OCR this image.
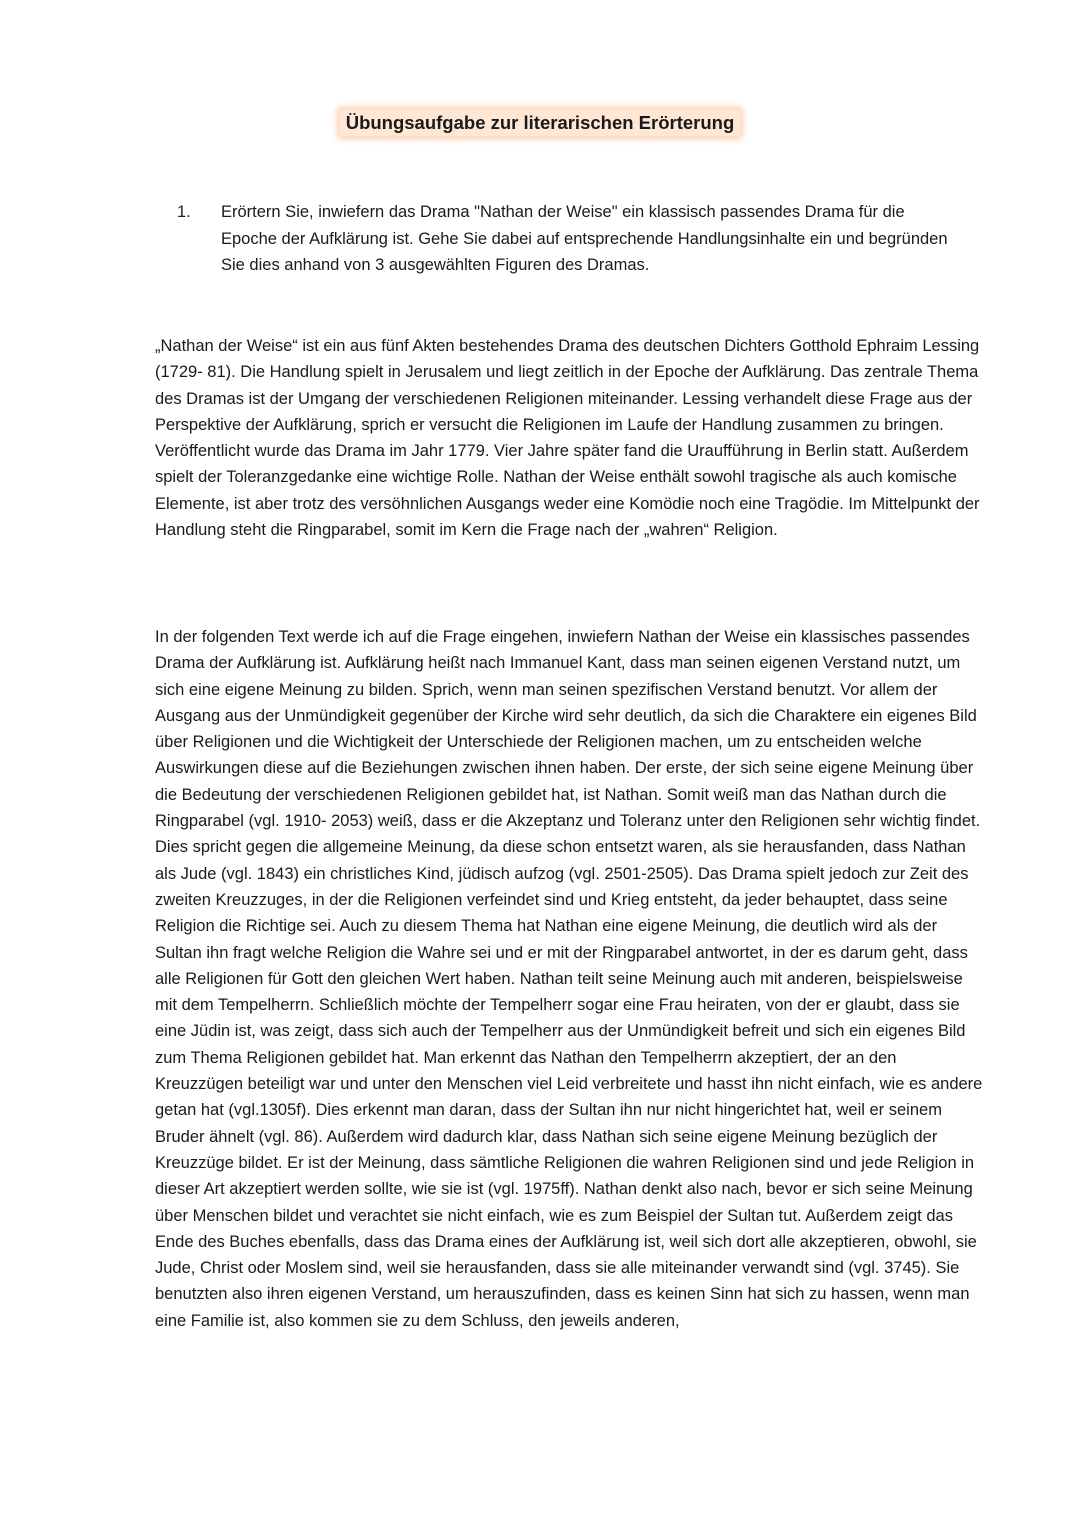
Übungsaufgabe zur literarischen Erörterung
1.	Erörtern Sie, inwiefern das Drama "Nathan der Weise" ein klassisch passendes Drama für die Epoche der Aufklärung ist. Gehe Sie dabei auf entsprechende Handlungsinhalte ein und begründen Sie dies anhand von 3 ausgewählten Figuren des Dramas.

„Nathan der Weise“ ist ein aus fünf Akten bestehendes Drama des deutschen Dichters Gotthold Ephraim Lessing (1729- 81). Die Handlung spielt in Jerusalem und liegt zeitlich in der Epoche der Aufklärung. Das zentrale Thema des Dramas ist der Umgang der verschiedenen Religionen miteinander. Lessing verhandelt diese Frage aus der Perspektive der Aufklärung, sprich er versucht die Religionen im Laufe der Handlung zusammen zu bringen. Veröffentlicht wurde das Drama im Jahr 1779. Vier Jahre später fand die Uraufführung in Berlin statt. Außerdem spielt der Toleranzgedanke eine wichtige Rolle. Nathan der Weise enthält sowohl tragische als auch komische Elemente, ist aber trotz des versöhnlichen Ausgangs weder eine Komödie noch eine Tragödie. Im Mittelpunkt der Handlung steht die Ringparabel, somit im Kern die Frage nach der „wahren“ Religion.

In der folgenden Text werde ich auf die Frage eingehen, inwiefern Nathan der Weise ein klassisches passendes Drama der Aufklärung ist. Aufklärung heißt nach Immanuel Kant, dass man seinen eigenen Verstand nutzt, um sich eine eigene Meinung zu bilden. Sprich, wenn man seinen spezifischen Verstand benutzt. Vor allem der Ausgang aus der Unmündigkeit gegenüber der Kirche wird sehr deutlich, da sich die Charaktere ein eigenes Bild über Religionen und die Wichtigkeit der Unterschiede der Religionen machen, um zu entscheiden welche Auswirkungen diese auf die Beziehungen zwischen ihnen haben. Der erste, der sich seine eigene Meinung über die Bedeutung der verschiedenen Religionen gebildet hat, ist Nathan. Somit weiß man das Nathan durch die Ringparabel (vgl. 1910- 2053) weiß, dass er die Akzeptanz und Toleranz unter den Religionen sehr wichtig findet. Dies spricht gegen die allgemeine Meinung, da diese schon entsetzt waren, als sie herausfanden, dass Nathan als Jude (vgl. 1843) ein christliches Kind, jüdisch aufzog (vgl. 2501-2505). Das Drama spielt jedoch zur Zeit des zweiten Kreuzzuges, in der die Religionen verfeindet sind und Krieg entsteht, da jeder behauptet, dass seine Religion die Richtige sei. Auch zu diesem Thema hat Nathan eine eigene Meinung, die deutlich wird als der Sultan ihn fragt welche Religion die Wahre sei und er mit der Ringparabel antwortet, in der es darum geht, dass alle Religionen für Gott den gleichen Wert haben. Nathan teilt seine Meinung auch mit anderen, beispielsweise mit dem Tempelherrn. Schließlich möchte der Tempelherr sogar eine Frau heiraten, von der er glaubt, dass sie eine Jüdin ist, was zeigt, dass sich auch der Tempelherr aus der Unmündigkeit befreit und sich ein eigenes Bild zum Thema Religionen gebildet hat. Man erkennt das Nathan den Tempelherrn akzeptiert, der an den Kreuzzügen beteiligt war und unter den Menschen viel Leid verbreitete und hasst ihn nicht einfach, wie es andere getan hat (vgl.1305f). Dies erkennt man daran, dass der Sultan ihn nur nicht hingerichtet hat, weil er seinem Bruder ähnelt (vgl. 86). Außerdem wird dadurch klar, dass Nathan sich seine eigene Meinung bezüglich der Kreuzzüge bildet. Er ist der Meinung, dass sämtliche Religionen die wahren Religionen sind und jede Religion in dieser Art akzeptiert werden sollte, wie sie ist (vgl. 1975ff). Nathan denkt also nach, bevor er sich seine Meinung über Menschen bildet und verachtet sie nicht einfach, wie es zum Beispiel der Sultan tut. Außerdem zeigt das Ende des Buches ebenfalls, dass das Drama eines der Aufklärung ist, weil sich dort alle akzeptieren, obwohl, sie Jude, Christ oder Moslem sind, weil sie herausfanden, dass sie alle miteinander verwandt sind (vgl. 3745). Sie benutzten also ihren eigenen Verstand, um herauszufinden, dass es keinen Sinn hat sich zu hassen, wenn man eine Familie ist, also kommen sie zu dem Schluss, den jeweils anderen,
